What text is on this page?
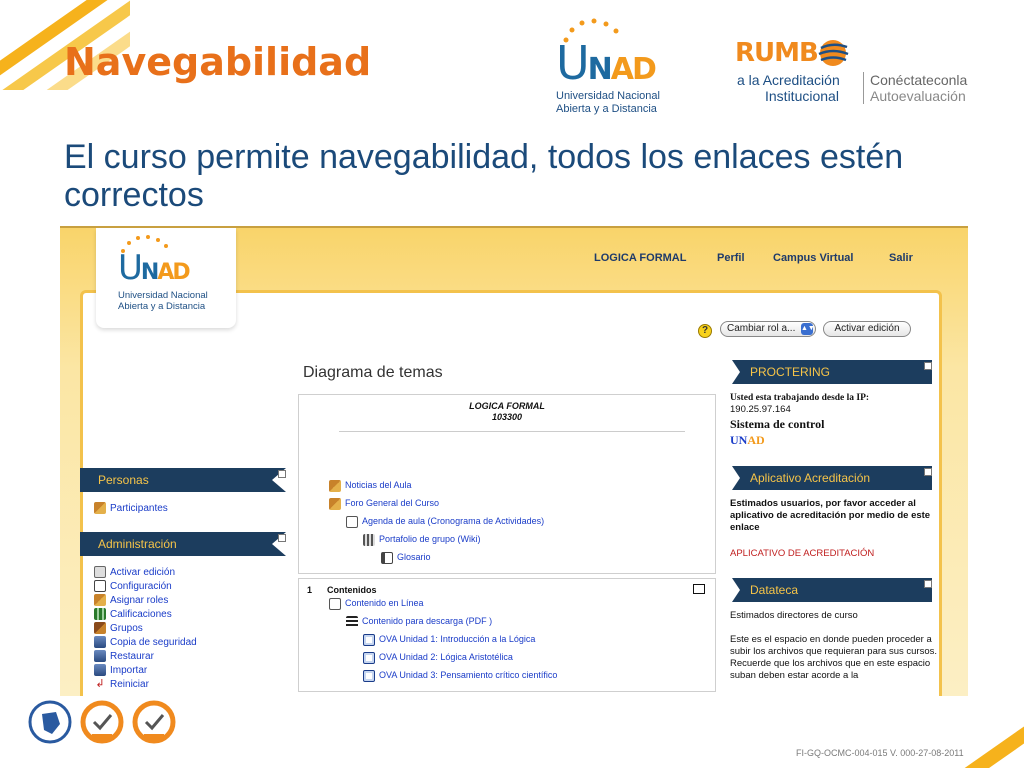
Navegabilidad	UNAD
Universidad Nacional
Abierta y a Distancia
RUMB
a la Acreditación
Institucional
Conéctateconla
Autoevaluación
El curso permite navegabilidad, todos los enlaces estén correctos
UNAD
Universidad Nacional
Abierta y a Distancia
LOGICA FORMAL	Perfil	Campus Virtual	Salir
?	Cambiar rol a... ▲▼	Activar edición
Diagrama de temas
LOGICA FORMAL
103300
Noticias del Aula
Foro General del Curso
Agenda de aula (Cronograma de Actividades)
Portafolio de grupo (Wiki)
Glosario
1 Contenidos
Contenido en Línea
Contenido para descarga (PDF )
OVA Unidad 1: Introducción a la Lógica
OVA Unidad 2: Lógica Aristotélica
OVA Unidad 3: Pensamiento crítico científico
Personas
Participantes
Administración
Activar edición
Configuración
Asignar roles
Calificaciones
Grupos
Copia de seguridad
Restaurar
Importar
↲ Reiniciar
PROCTERING
Usted esta trabajando desde la IP:
190.25.97.164
Sistema de control
UNAD
Aplicativo Acreditación
Estimados usuarios, por favor acceder al aplicativo de acreditación por medio de este enlace
APLICATIVO DE ACREDITACIÓN
Datateca
Estimados directores de curso
Este es el espacio en donde pueden proceder a subir los archivos que requieran para sus cursos. Recuerde que los archivos que en este espacio suban deben estar acorde a la
FI-GQ-OCMC-004-015 V. 000-27-08-2011
